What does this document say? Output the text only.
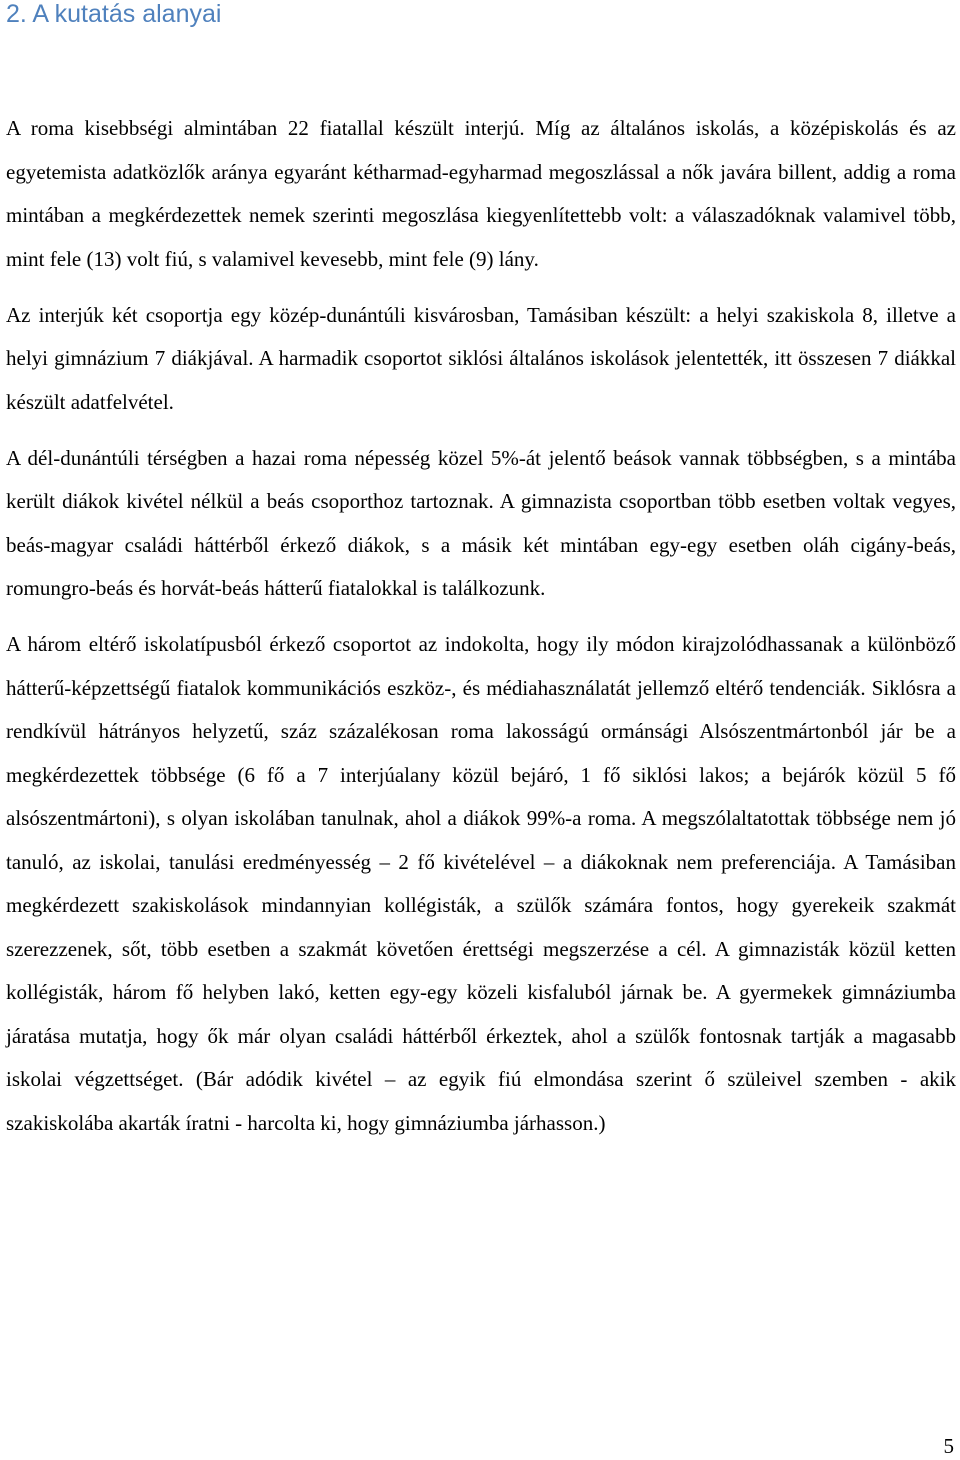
2. A kutatás alanyai

A roma kisebbségi almintában 22 fiatallal készült interjú. Míg az általános iskolás, a középiskolás és az egyetemista adatközlők aránya egyaránt kétharmad-egyharmad megoszlással a nők javára billent, addig a roma mintában a megkérdezettek nemek szerinti megoszlása kiegyenlítettebb volt: a válaszadóknak valamivel több, mint fele (13) volt fiú, s valamivel kevesebb, mint fele (9) lány.

Az interjúk két csoportja egy közép-dunántúli kisvárosban, Tamásiban készült: a helyi szakiskola 8, illetve a helyi gimnázium 7 diákjával. A harmadik csoportot siklósi általános iskolások jelentették, itt összesen 7 diákkal készült adatfelvétel.

A dél-dunántúli térségben a hazai roma népesség közel 5%-át jelentő beások vannak többségben, s a mintába került diákok kivétel nélkül a beás csoporthoz tartoznak. A gimnazista csoportban több esetben voltak vegyes, beás-magyar családi háttérből érkező diákok, s a másik két mintában egy-egy esetben oláh cigány-beás, romungro-beás és horvát-beás hátterű fiatalokkal is találkozunk.

A három eltérő iskolatípusból érkező csoportot az indokolta, hogy ily módon kirajzolódhassanak a különböző hátterű-képzettségű fiatalok kommunikációs eszköz-, és médiahasználatát jellemző eltérő tendenciák. Siklósra a rendkívül hátrányos helyzetű, száz százalékosan roma lakosságú ormánsági Alsószentmártonból jár be a megkérdezettek többsége (6 fő a 7 interjúalany közül bejáró, 1 fő siklósi lakos; a bejárók közül 5 fő alsószentmártoni), s olyan iskolában tanulnak, ahol a diákok 99%-a roma. A megszólaltatottak többsége nem jó tanuló, az iskolai, tanulási eredményesség – 2 fő kivételével – a diákoknak nem preferenciája. A Tamásiban megkérdezett szakiskolások mindannyian kollégisták, a szülők számára fontos, hogy gyerekeik szakmát szerezzenek, sőt, több esetben a szakmát követően érettségi megszerzése a cél. A gimnazisták közül ketten kollégisták, három fő helyben lakó, ketten egy-egy közeli kisfaluból járnak be. A gyermekek gimnáziumba járatása mutatja, hogy ők már olyan családi háttérből érkeztek, ahol a szülők fontosnak tartják a magasabb iskolai végzettséget. (Bár adódik kivétel – az egyik fiú elmondása szerint ő szüleivel szemben - akik szakiskolába akarták íratni - harcolta ki, hogy gimnáziumba járhasson.)

5
